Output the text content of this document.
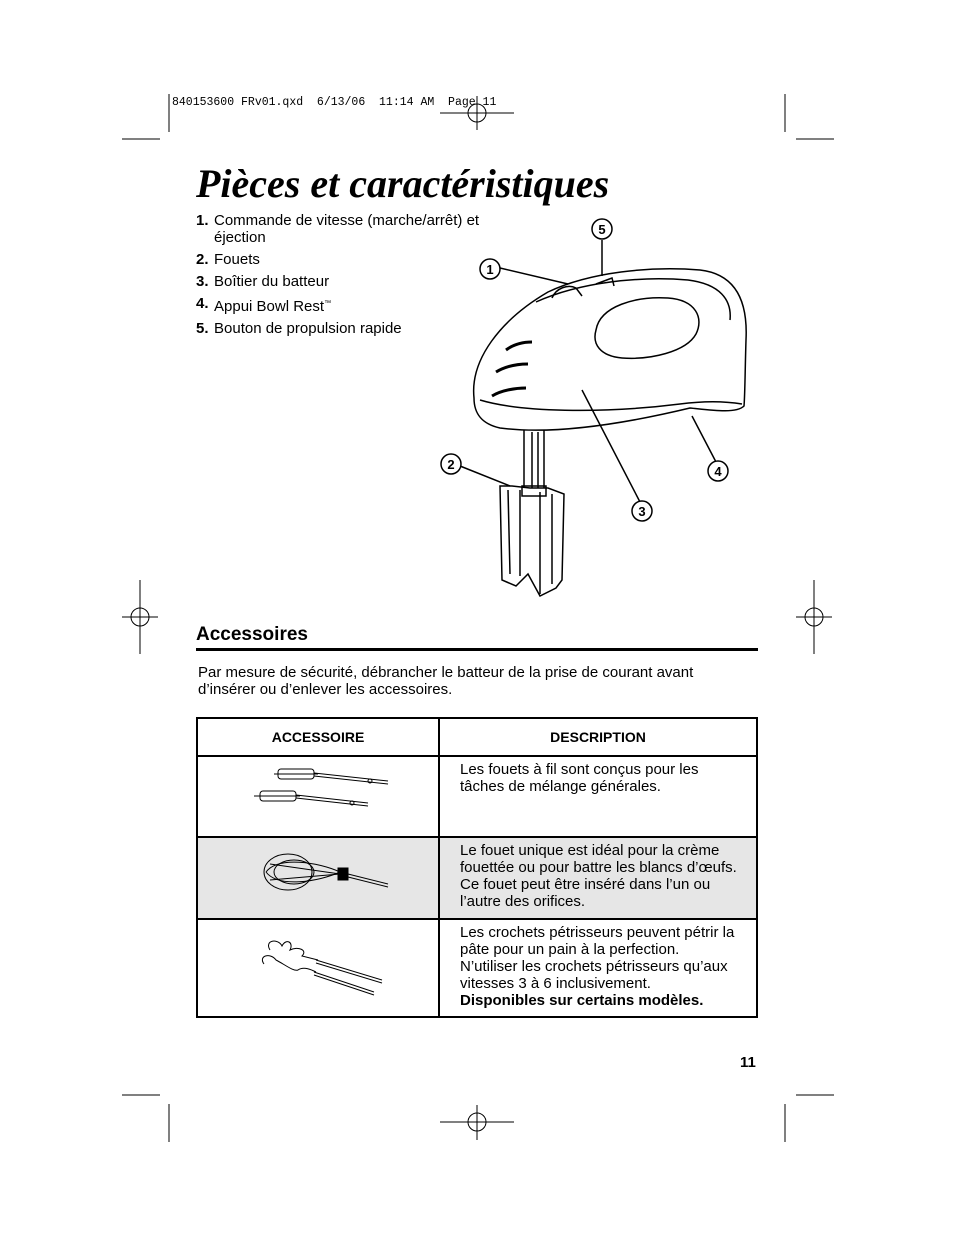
1
2
3
4
5
840153600 FRv01.qxd  6/13/06  11:14 AM  Page 11
Pièces et caractéristiques
1. Commande de vitesse (marche/arrêt) et éjection
2. Fouets
3. Boîtier du batteur
4. Appui Bowl Rest™
5. Bouton de propulsion rapide
Accessoires
Par mesure de sécurité, débrancher le batteur de la prise de courant avant d’insérer ou d’enlever les accessoires.
ACCESSOIRE	DESCRIPTION
	Les fouets à fil sont conçus pour les tâches de mélange générales.
	Le fouet unique est idéal pour la crème fouettée ou pour battre les blancs d’œufs. Ce fouet peut être inséré dans l’un ou l’autre des orifices.
	Les crochets pétrisseurs peuvent pétrir la pâte pour un pain à la perfection. N’utiliser les crochets pétrisseurs qu’aux vitesses 3 à 6 inclusivement.
Disponibles sur certains modèles.
11
